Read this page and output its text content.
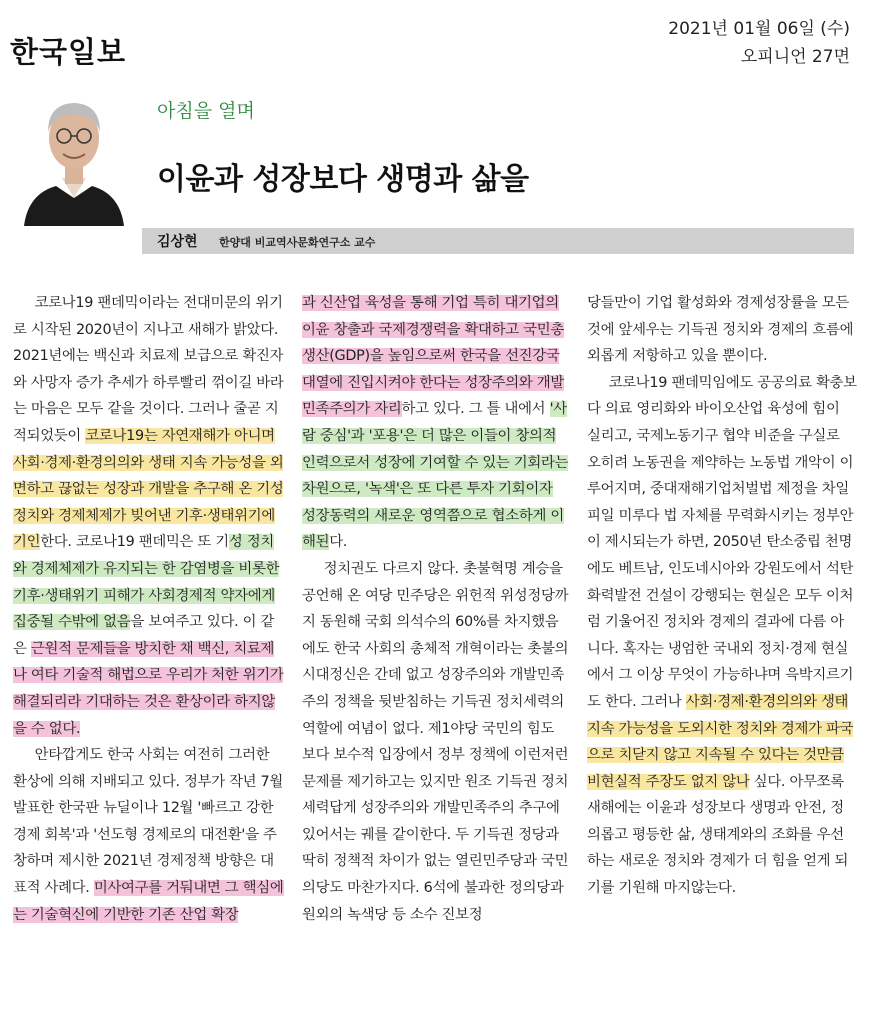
한국일보
2021년 01월 06일 (수)
오피니언 27면
아침을 열며
이윤과 성장보다 생명과 삶을
김상현 한양대 비교역사문화연구소 교수

코로나19 팬데믹이라는 전대미문의 위기로 시작된 2020년이 지나고 새해가 밝았다. 2021년에는 백신과 치료제 보급으로 확진자와 사망자 증가 추세가 하루빨리 꺾이길 바라는 마음은 모두 같을 것이다. 그러나 줄곧 지적되었듯이 코로나19는 자연재해가 아니며 사회·경제·환경의의와 생태 지속 가능성을 외면하고 끊없는 성장과 개발을 추구해 온 기성 정치와 경제체제가 빚어낸 기후·생태위기에 기인한다. 코로나19 팬데믹은 또 기성 정치와 경제체제가 유지되는 한 감염병을 비롯한 기후·생태위기 피해가 사회경제적 약자에게 집중될 수밖에 없음을 보여주고 있다. 이 같은 근원적 문제들을 방치한 채 백신, 치료제나 여타 기술적 해법으로 우리가 처한 위기가 해결되리라 기대하는 것은 환상이라 하지않을 수 없다.

안타깝게도 한국 사회는 여전히 그러한 환상에 의해 지배되고 있다. 정부가 작년 7월 발표한 한국판 뉴딜이나 12월 '빠르고 강한 경제 회복'과 '선도형 경제로의 대전환'을 주창하며 제시한 2021년 경제정책 방향은 대표적 사례다. 미사여구를 거둬내면 그 핵심에는 기술혁신에 기반한 기존 산업 확장

과 신산업 육성을 통해 기업 특히 대기업의 이윤 창출과 국제경쟁력을 확대하고 국민총생산(GDP)을 높임으로써 한국을 선진강국 대열에 진입시켜야 한다는 성장주의와 개발민족주의가 자리하고 있다. 그 틀 내에서 '사람 중심'과 '포용'은 더 많은 이들이 창의적 인력으로서 성장에 기여할 수 있는 기회라는 차원으로, '녹색'은 또 다른 투자 기회이자 성장동력의 새로운 영역쯤으로 협소하게 이해된다.

정치권도 다르지 않다. 촛불혁명 계승을 공언해 온 여당 민주당은 위헌적 위성정당까지 동원해 국회 의석수의 60%를 차지했음에도 한국 사회의 총체적 개혁이라는 촛불의 시대정신은 간데 없고 성장주의와 개발민족주의 정책을 뒷받침하는 기득권 정치세력의 역할에 여념이 없다. 제1야당 국민의 힘도 보다 보수적 입장에서 정부 정책에 이런저런 문제를 제기하고는 있지만 원조 기득권 정치세력답게 성장주의와 개발민족주의 추구에 있어서는 궤를 같이한다. 두 기득권 정당과 딱히 정책적 차이가 없는 열린민주당과 국민의당도 마찬가지다. 6석에 불과한 정의당과 원외의 녹색당 등 소수 진보정

당들만이 기업 활성화와 경제성장률을 모든 것에 앞세우는 기득권 정치와 경제의 흐름에 외롭게 저항하고 있을 뿐이다.

코로나19 팬데믹임에도 공공의료 확충보다 의료 영리화와 바이오산업 육성에 힘이 실리고, 국제노동기구 협약 비준을 구실로 오히려 노동권을 제약하는 노동법 개악이 이루어지며, 중대재해기업처벌법 제정을 차일피일 미루다 법 자체를 무력화시키는 정부안이 제시되는가 하면, 2050년 탄소중립 천명에도 베트남, 인도네시아와 강원도에서 석탄화력발전 건설이 강행되는 현실은 모두 이처럼 기울어진 정치와 경제의 결과에 다름 아니다. 혹자는 냉엄한 국내외 정치·경제 현실에서 그 이상 무엇이 가능하냐며 윽박지르기도 한다. 그러나 사회·경제·환경의의와 생태 지속 가능성을 도외시한 정치와 경제가 파국으로 치닫지 않고 지속될 수 있다는 것만큼 비현실적 주장도 없지 않나 싶다. 아무쪼록 새해에는 이윤과 성장보다 생명과 안전, 정의롭고 평등한 삶, 생태계와의 조화를 우선하는 새로운 정치와 경제가 더 힘을 얻게 되기를 기원해 마지않는다.
